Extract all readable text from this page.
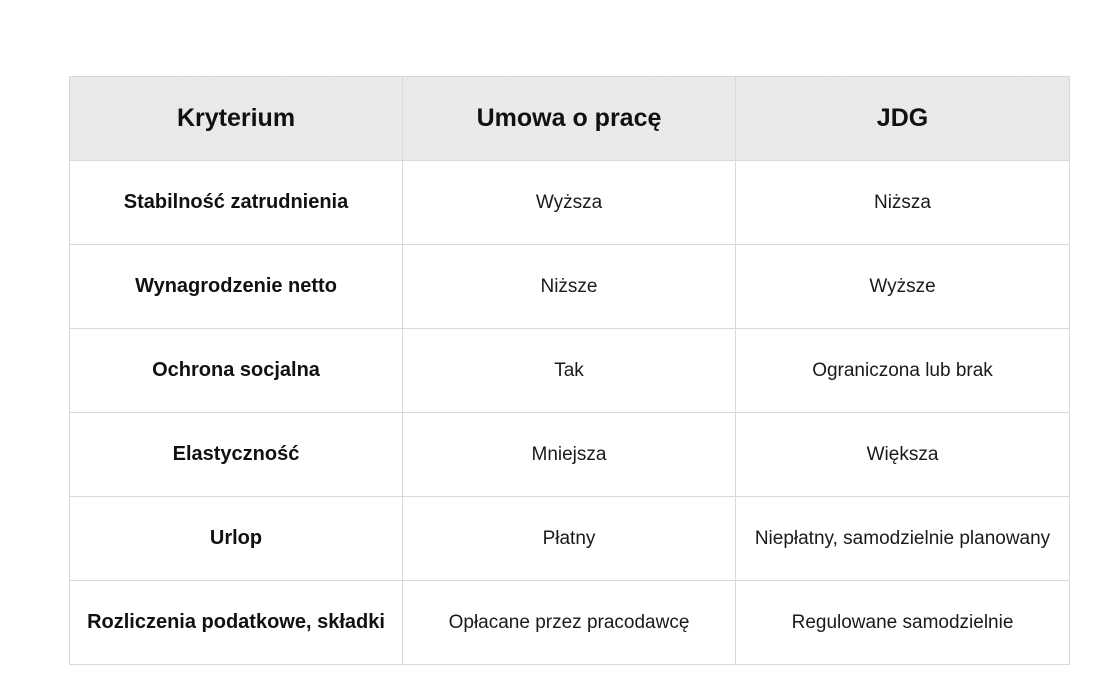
Kryterium	Umowa o pracę	JDG
Stabilność zatrudnienia	Wyższa	Niższa
Wynagrodzenie netto	Niższe	Wyższe
Ochrona socjalna	Tak	Ograniczona lub brak
Elastyczność	Mniejsza	Większa
Urlop	Płatny	Niepłatny, samodzielnie planowany
Rozliczenia podatkowe, składki	Opłacane przez pracodawcę	Regulowane samodzielnie
